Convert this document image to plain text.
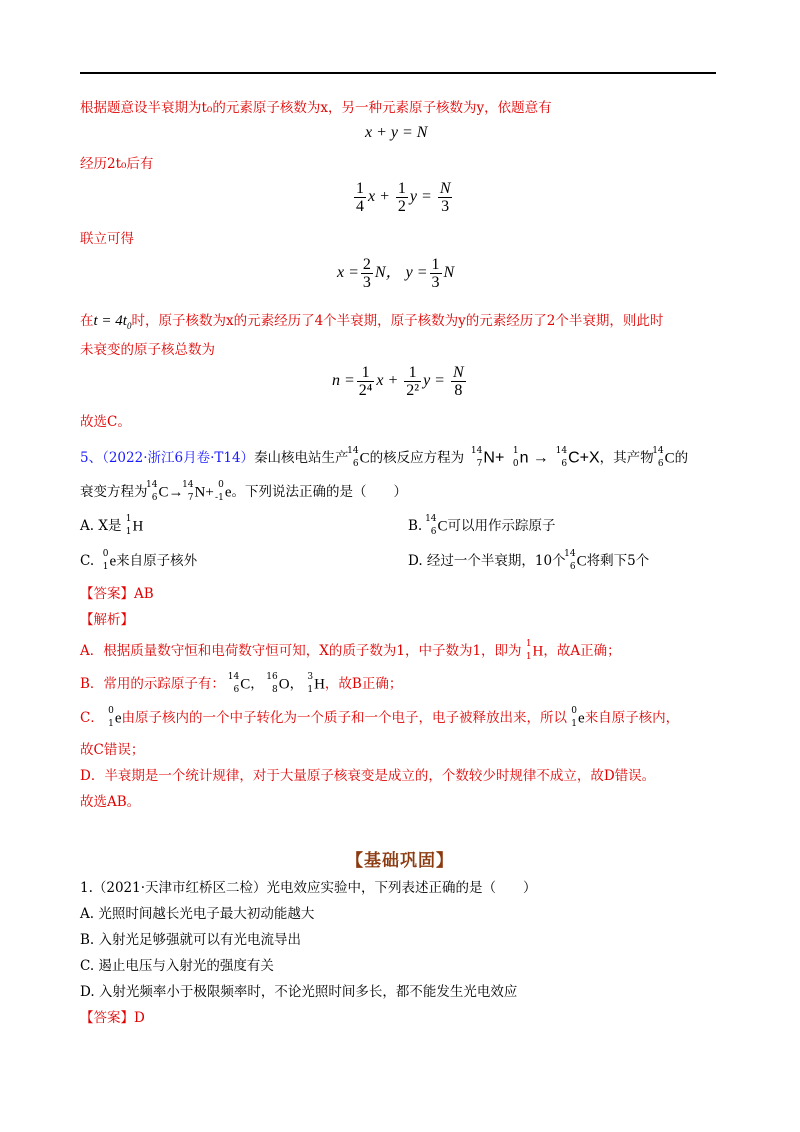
根据题意设半衰期为t₀的元素原子核数为x，另一种元素原子核数为y，依题意有
x + y = N
经历2t₀后有
$\frac{1}{4}$ $x + \frac{1}{2}$ $y = \frac{N}{3}$
联立可得
$x = \frac{2}{3}$ N， $y = \frac{1}{3}$ N
在$t = 4t_0$时，原子核数为x的元素经历了4个半衰期，原子核数为y的元素经历了2个半衰期，则此时
未衰变的原子核总数为
$n = \frac{1}{\text{2⁴}}$ $x + \frac{1}{\text{2²}}$ $y = \frac{N}{8}$
故选C。
5、（2022·浙江6月卷·T14）秦山核电站生产
14
6 C的核反应方程为 14
7 N+ 1
0 n → 14
6 C+X，其产物
14
6 C的
衰变方程为
14
6 C→
14
7 N+ 0
-1 e。下列说法正确的是（　　）
A. X是 1
1 H	B. 14
6 C可以用作示踪原子
C. 0
1 e来自原子核外	D. 经过一个半衰期，10个
14
6 C将剩下5个
【答案】AB
【解析】
A．根据质量数守恒和电荷数守恒可知，X的质子数为1，中子数为1，即为 1
1 H，故A正确；
B．常用的示踪原子有： 14
6 C， 16
8 O， 3
1 H，故B正确；
C． 0
1 e由原子核内的一个中子转化为一个质子和一个电子，电子被释放出来，所以 0
1 e来自原子核内，
故C错误；
D．半衰期是一个统计规律，对于大量原子核衰变是成立的，个数较少时规律不成立，故D错误。
故选AB。
【基础巩固】
1.（2021·天津市红桥区二检）光电效应实验中，下列表述正确的是（　　）
A. 光照时间越长光电子最大初动能越大
B. 入射光足够强就可以有光电流导出
C. 遏止电压与入射光的强度有关
D. 入射光频率小于极限频率时，不论光照时间多长，都不能发生光电效应
【答案】D
